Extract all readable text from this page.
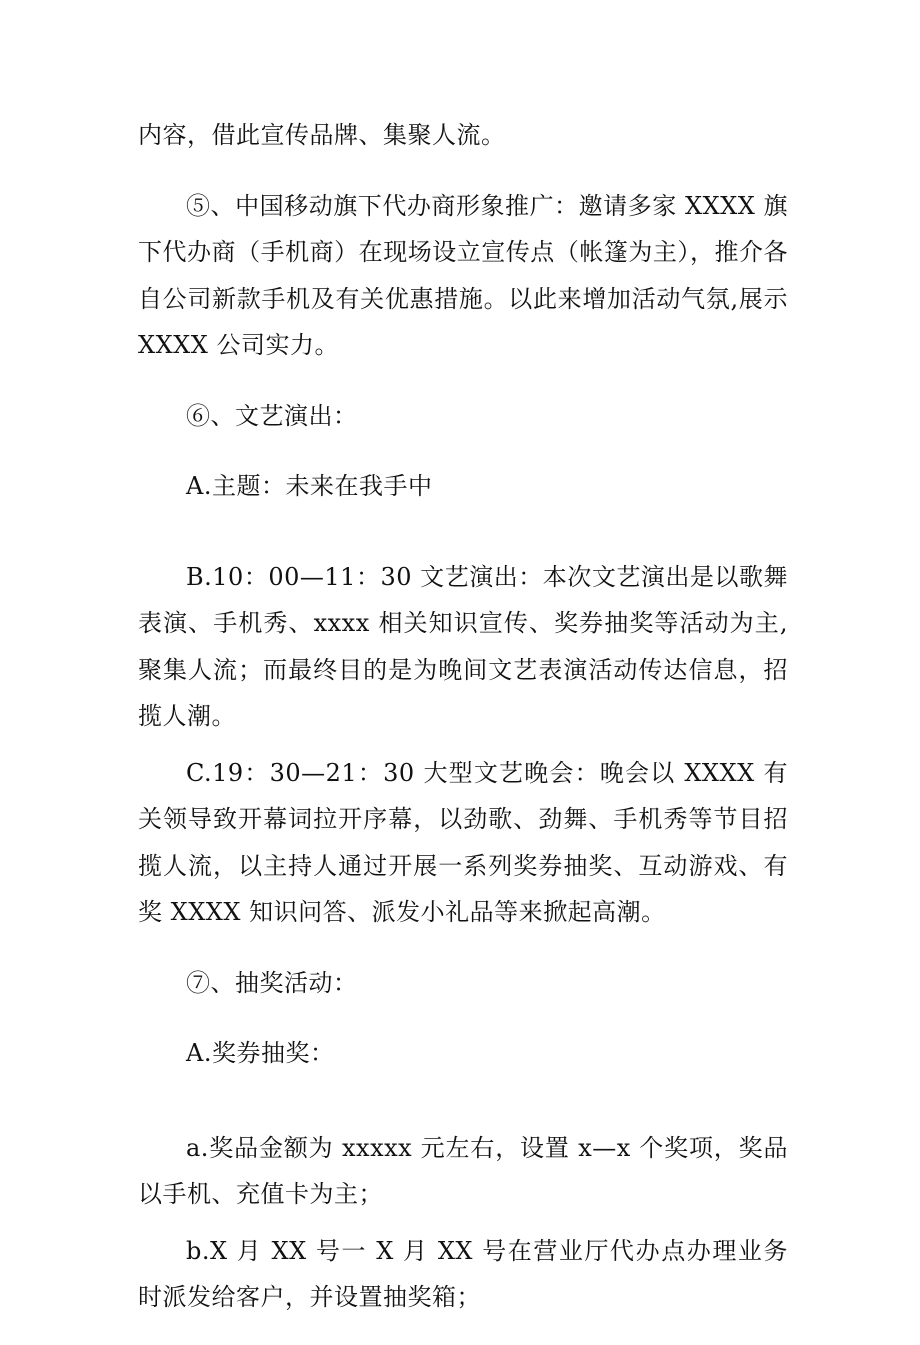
内容，借此宣传品牌、集聚人流。

⑤、中国移动旗下代办商形象推广：邀请多家 XXXX 旗下代办商（手机商）在现场设立宣传点（帐篷为主），推介各自公司新款手机及有关优惠措施。以此来增加活动气氛,展示 XXXX 公司实力。

⑥、文艺演出：

A.主题：未来在我手中

B.10：00—11：30 文艺演出：本次文艺演出是以歌舞表演、手机秀、xxxx 相关知识宣传、奖券抽奖等活动为主,聚集人流；而最终目的是为晚间文艺表演活动传达信息，招揽人潮。

C.19：30—21：30 大型文艺晚会：晚会以 XXXX 有关领导致开幕词拉开序幕，以劲歌、劲舞、手机秀等节目招揽人流，以主持人通过开展一系列奖券抽奖、互动游戏、有奖 XXXX 知识问答、派发小礼品等来掀起高潮。

⑦、抽奖活动：

A.奖券抽奖：

a.奖品金额为 xxxxx 元左右，设置 x—x 个奖项，奖品以手机、充值卡为主；

b.X 月 XX 号一 X 月 XX 号在营业厅代办点办理业务时派发给客户，并设置抽奖箱；
